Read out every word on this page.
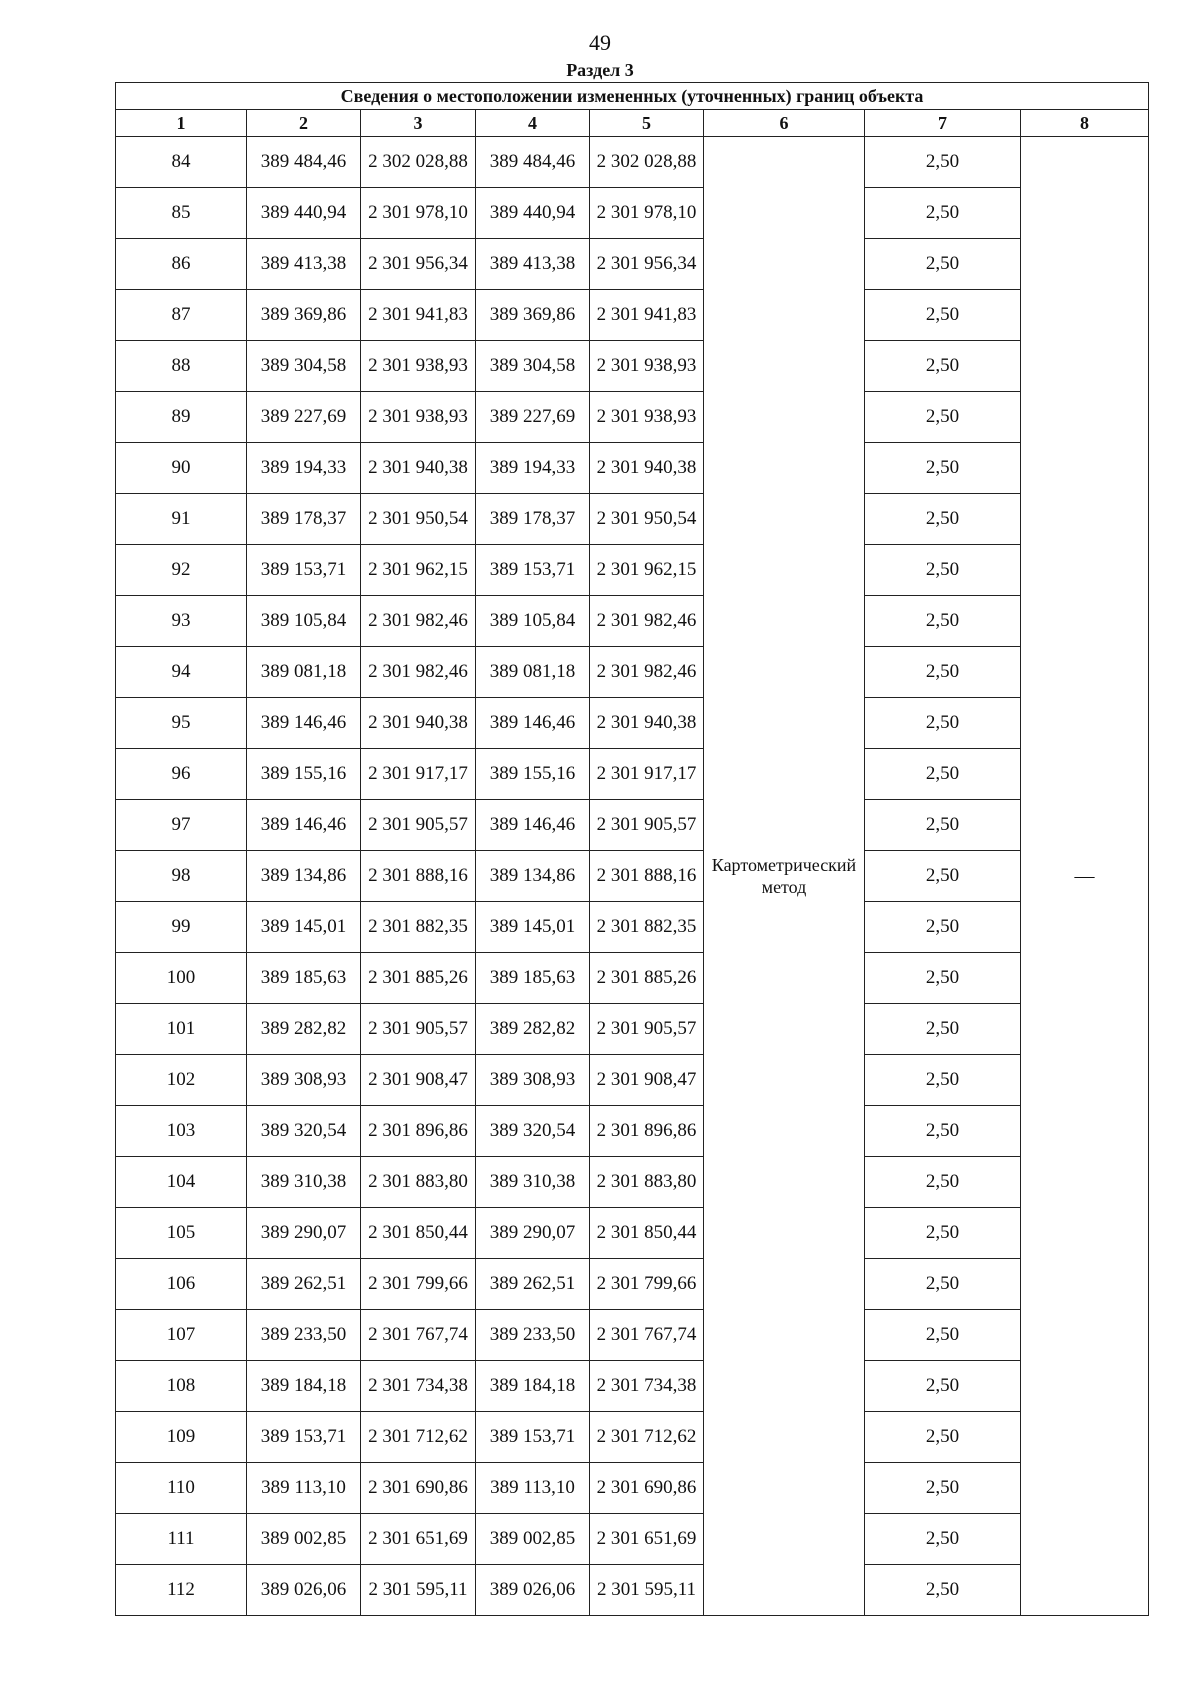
49
Раздел 3
Сведения о местоположении измененных (уточненных) границ объекта							
1	2	3	4	5	6	7	8
84	389 484,46	2 302 028,88	389 484,46	2 302 028,88	Картометрический метод	2,50	—
85	389 440,94	2 301 978,10	389 440,94	2 301 978,10		2,50	
86	389 413,38	2 301 956,34	389 413,38	2 301 956,34		2,50	
87	389 369,86	2 301 941,83	389 369,86	2 301 941,83		2,50	
88	389 304,58	2 301 938,93	389 304,58	2 301 938,93		2,50	
89	389 227,69	2 301 938,93	389 227,69	2 301 938,93		2,50	
90	389 194,33	2 301 940,38	389 194,33	2 301 940,38		2,50	
91	389 178,37	2 301 950,54	389 178,37	2 301 950,54		2,50	
92	389 153,71	2 301 962,15	389 153,71	2 301 962,15		2,50	
93	389 105,84	2 301 982,46	389 105,84	2 301 982,46		2,50	
94	389 081,18	2 301 982,46	389 081,18	2 301 982,46		2,50	
95	389 146,46	2 301 940,38	389 146,46	2 301 940,38		2,50	
96	389 155,16	2 301 917,17	389 155,16	2 301 917,17		2,50	
97	389 146,46	2 301 905,57	389 146,46	2 301 905,57		2,50	
98	389 134,86	2 301 888,16	389 134,86	2 301 888,16		2,50	
99	389 145,01	2 301 882,35	389 145,01	2 301 882,35		2,50	
100	389 185,63	2 301 885,26	389 185,63	2 301 885,26		2,50	
101	389 282,82	2 301 905,57	389 282,82	2 301 905,57		2,50	
102	389 308,93	2 301 908,47	389 308,93	2 301 908,47		2,50	
103	389 320,54	2 301 896,86	389 320,54	2 301 896,86		2,50	
104	389 310,38	2 301 883,80	389 310,38	2 301 883,80		2,50	
105	389 290,07	2 301 850,44	389 290,07	2 301 850,44		2,50	
106	389 262,51	2 301 799,66	389 262,51	2 301 799,66		2,50	
107	389 233,50	2 301 767,74	389 233,50	2 301 767,74		2,50	
108	389 184,18	2 301 734,38	389 184,18	2 301 734,38		2,50	
109	389 153,71	2 301 712,62	389 153,71	2 301 712,62		2,50	
110	389 113,10	2 301 690,86	389 113,10	2 301 690,86		2,50	
111	389 002,85	2 301 651,69	389 002,85	2 301 651,69		2,50	
112	389 026,06	2 301 595,11	389 026,06	2 301 595,11		2,50	
